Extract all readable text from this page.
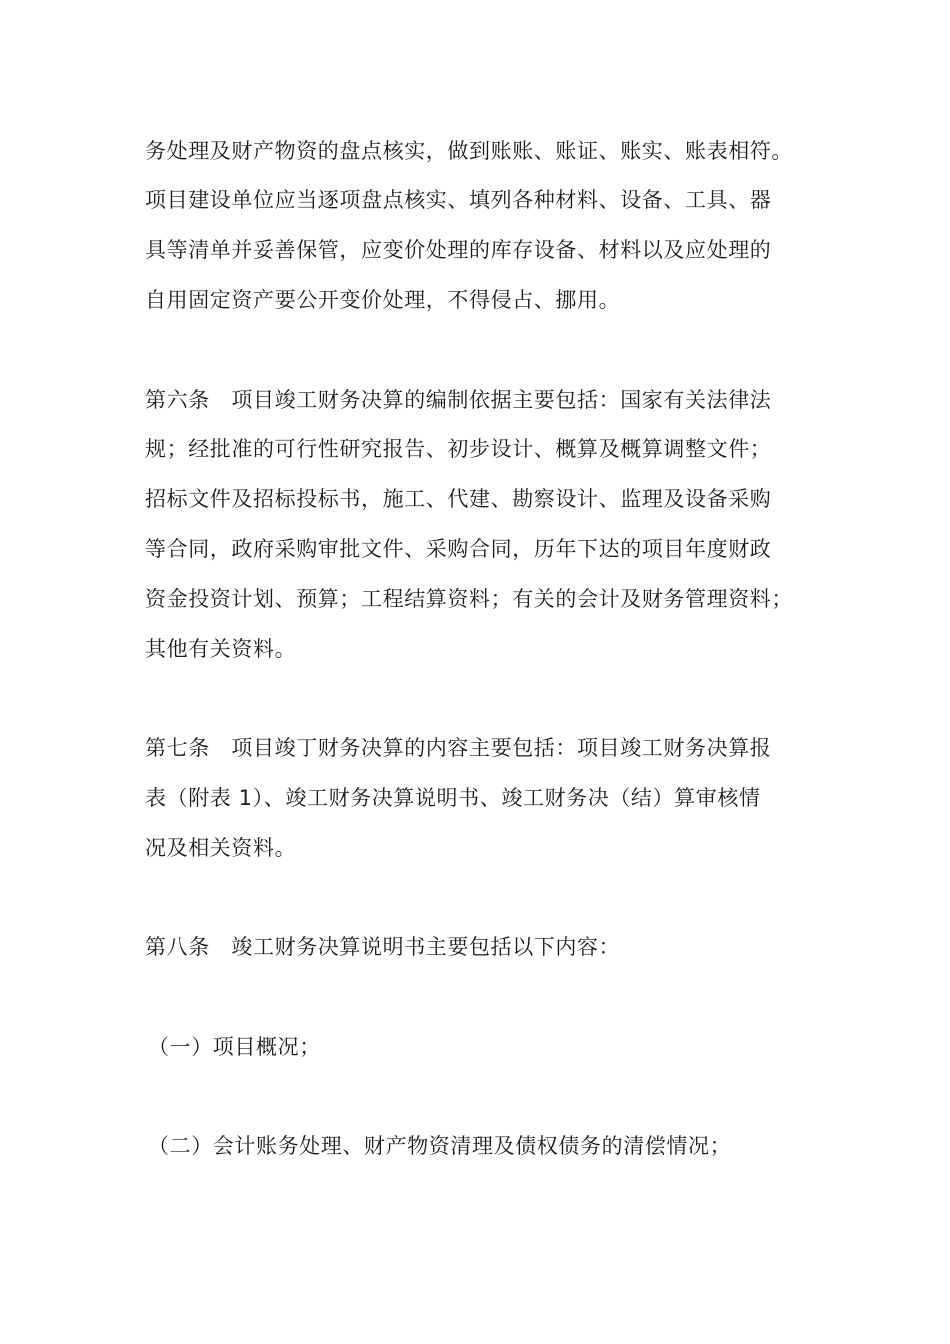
务处理及财产物资的盘点核实，做到账账、账证、账实、账表相符。
项目建设单位应当逐项盘点核实、填列各种材料、设备、工具、器
具等清单并妥善保管，应变价处理的库存设备、材料以及应处理的
自用固定资产要公开变价处理，不得侵占、挪用。
第六条　项目竣工财务决算的编制依据主要包括：国家有关法律法
规；经批准的可行性研究报告、初步设计、概算及概算调整文件；
招标文件及招标投标书，施工、代建、勘察设计、监理及设备采购
等合同，政府采购审批文件、采购合同，历年下达的项目年度财政
资金投资计划、预算；工程结算资料；有关的会计及财务管理资料；
其他有关资料。
第七条　项目竣丁财务决算的内容主要包括：项目竣工财务决算报
表（附表 1）、竣工财务决算说明书、竣工财务决（结）算审核情
况及相关资料。
第八条　竣工财务决算说明书主要包括以下内容：
（一）项目概况；
（二）会计账务处理、财产物资清理及债权债务的清偿情况；
